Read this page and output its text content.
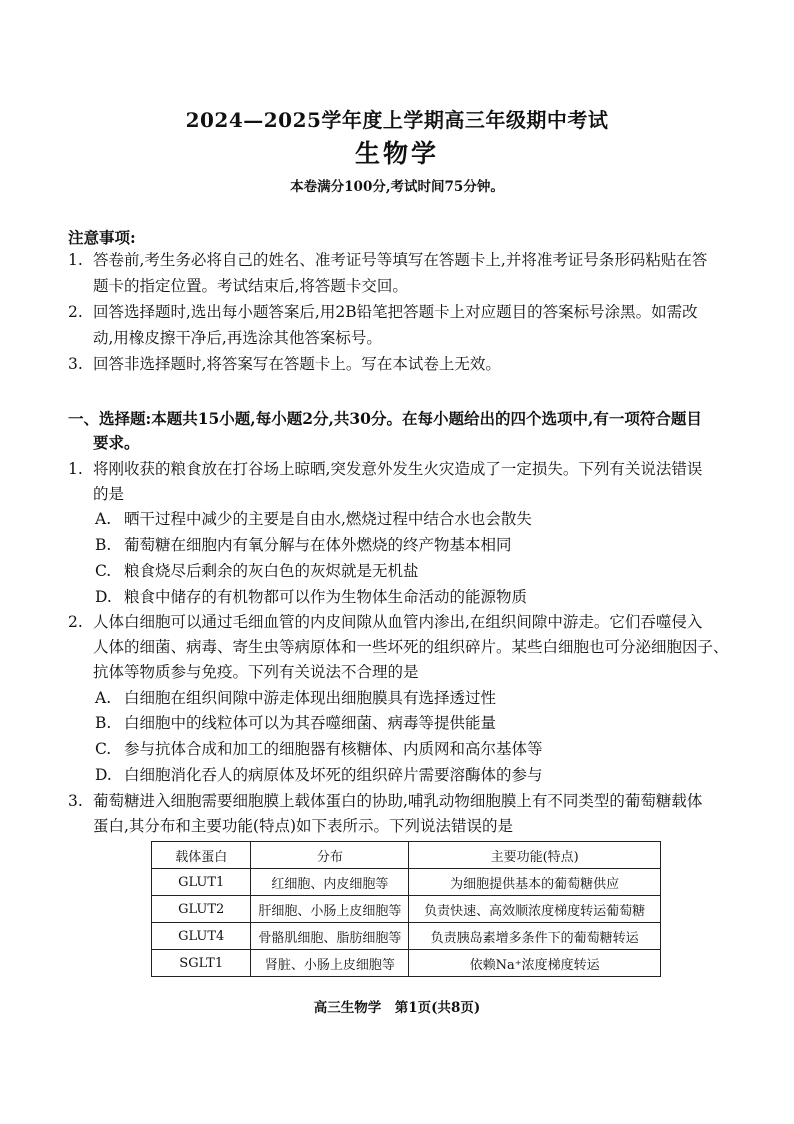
2024—2025学年度上学期高三年级期中考试
生物学
本卷满分100分,考试时间75分钟。
注意事项:
1. 答卷前,考生务必将自己的姓名、准考证号等填写在答题卡上,并将准考证号条形码粘贴在答
题卡的指定位置。考试结束后,将答题卡交回。
2. 回答选择题时,选出每小题答案后,用2B铅笔把答题卡上对应题目的答案标号涂黑。如需改
动,用橡皮擦干净后,再选涂其他答案标号。
3. 回答非选择题时,将答案写在答题卡上。写在本试卷上无效。
一、选择题:本题共15小题,每小题2分,共30分。在每小题给出的四个选项中,有一项符合题目
要求。
1. 将刚收获的粮食放在打谷场上晾晒,突发意外发生火灾造成了一定损失。下列有关说法错误
的是
A. 晒干过程中减少的主要是自由水,燃烧过程中结合水也会散失
B. 葡萄糖在细胞内有氧分解与在体外燃烧的终产物基本相同
C. 粮食烧尽后剩余的灰白色的灰烬就是无机盐
D. 粮食中储存的有机物都可以作为生物体生命活动的能源物质
2. 人体白细胞可以通过毛细血管的内皮间隙从血管内渗出,在组织间隙中游走。它们吞噬侵入
人体的细菌、病毒、寄生虫等病原体和一些坏死的组织碎片。某些白细胞也可分泌细胞因子、
抗体等物质参与免疫。下列有关说法不合理的是
A. 白细胞在组织间隙中游走体现出细胞膜具有选择透过性
B. 白细胞中的线粒体可以为其吞噬细菌、病毒等提供能量
C. 参与抗体合成和加工的细胞器有核糖体、内质网和高尔基体等
D. 白细胞消化吞人的病原体及坏死的组织碎片需要溶酶体的参与
3. 葡萄糖进入细胞需要细胞膜上载体蛋白的协助,哺乳动物细胞膜上有不同类型的葡萄糖载体
蛋白,其分布和主要功能(特点)如下表所示。下列说法错误的是
载体蛋白	分布	主要功能(特点)
GLUT1	红细胞、内皮细胞等	为细胞提供基本的葡萄糖供应
GLUT2	肝细胞、小肠上皮细胞等	负责快速、高效顺浓度梯度转运葡萄糖
GLUT4	骨骼肌细胞、脂肪细胞等	负责胰岛素增多条件下的葡萄糖转运
SGLT1	肾脏、小肠上皮细胞等	依赖Na⁺浓度梯度转运
高三生物学　第1页(共8页)
